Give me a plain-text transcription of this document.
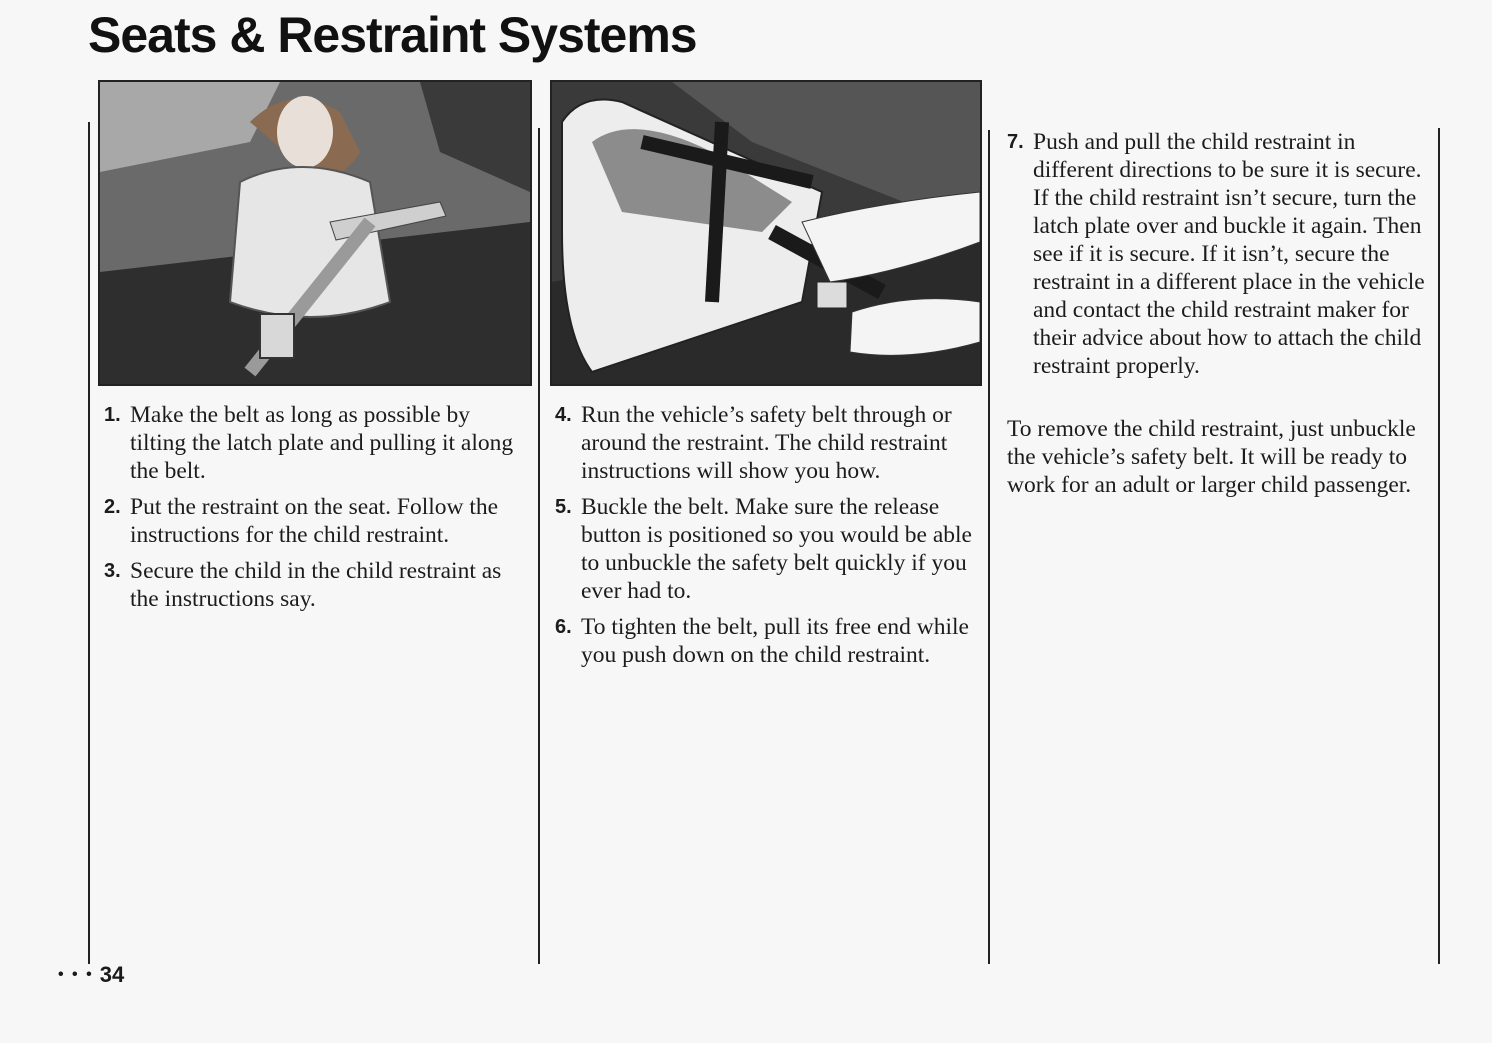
Seats & Restraint Systems
1. Make the belt as long as possible by tilting the latch plate and pulling it along the belt.
2. Put the restraint on the seat. Follow the instructions for the child restraint.
3. Secure the child in the child restraint as the instructions say.
4. Run the vehicle’s safety belt through or around the restraint. The child restraint instructions will show you how.
5. Buckle the belt. Make sure the release button is positioned so you would be able to unbuckle the safety belt quickly if you ever had to.
6. To tighten the belt, pull its free end while you push down on the child restraint.
7. Push and pull the child restraint in different directions to be sure it is secure. If the child restraint isn’t secure, turn the latch plate over and buckle it again. Then see if it is secure. If it isn’t, secure the restraint in a different place in the vehicle and contact the child restraint maker for their advice about how to attach the child restraint properly.

To remove the child restraint, just unbuckle the vehicle’s safety belt. It will be ready to work for an adult or larger child passenger.

• • • 34
